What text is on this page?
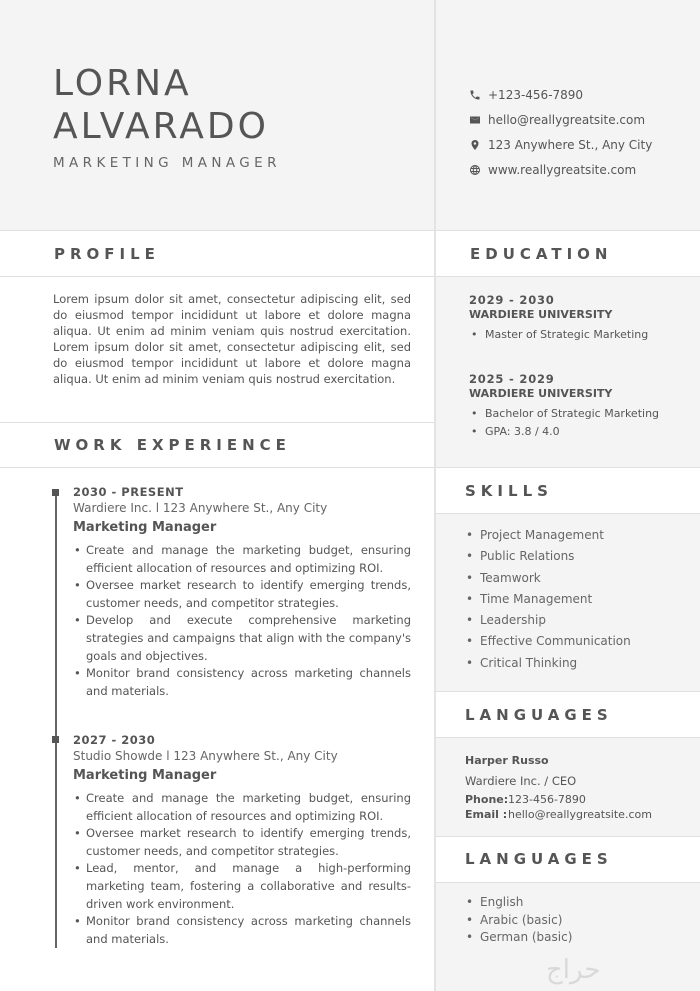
LORNA
ALVARADO
MARKETING MANAGER
+123-456-7890
hello@reallygreatsite.com
123 Anywhere St., Any City
www.reallygreatsite.com
PROFILE
Lorem ipsum dolor sit amet, consectetur adipiscing elit, sed do eiusmod tempor incididunt ut labore et dolore magna aliqua. Ut enim ad minim veniam quis nostrud exercitation. Lorem ipsum dolor sit amet, consectetur adipiscing elit, sed do eiusmod tempor incididunt ut labore et dolore magna aliqua. Ut enim ad minim veniam quis nostrud exercitation.
WORK EXPERIENCE
2030 - PRESENT
Wardiere Inc. l 123 Anywhere St., Any City
Marketing Manager
• Create and manage the marketing budget, ensuring efficient allocation of resources and optimizing ROI.
• Oversee market research to identify emerging trends, customer needs, and competitor strategies.
• Develop and execute comprehensive marketing strategies and campaigns that align with the company's goals and objectives.
• Monitor brand consistency across marketing channels and materials.
2027 - 2030
Studio Showde l 123 Anywhere St., Any City
Marketing Manager
• Create and manage the marketing budget, ensuring efficient allocation of resources and optimizing ROI.
• Oversee market research to identify emerging trends, customer needs, and competitor strategies.
• Lead, mentor, and manage a high-performing marketing team, fostering a collaborative and results-driven work environment.
• Monitor brand consistency across marketing channels and materials.
EDUCATION
2029 - 2030
WARDIERE UNIVERSITY
• Master of Strategic Marketing
2025 - 2029
WARDIERE UNIVERSITY
• Bachelor of Strategic Marketing
• GPA: 3.8 / 4.0
SKILLS
• Project Management
• Public Relations
• Teamwork
• Time Management
• Leadership
• Effective Communication
• Critical Thinking
LANGUAGES
Harper Russo
Wardiere Inc. / CEO
Phone:123-456-7890
Email :hello@reallygreatsite.com
LANGUAGES
• English
• Arabic (basic)
• German (basic)
حراج
